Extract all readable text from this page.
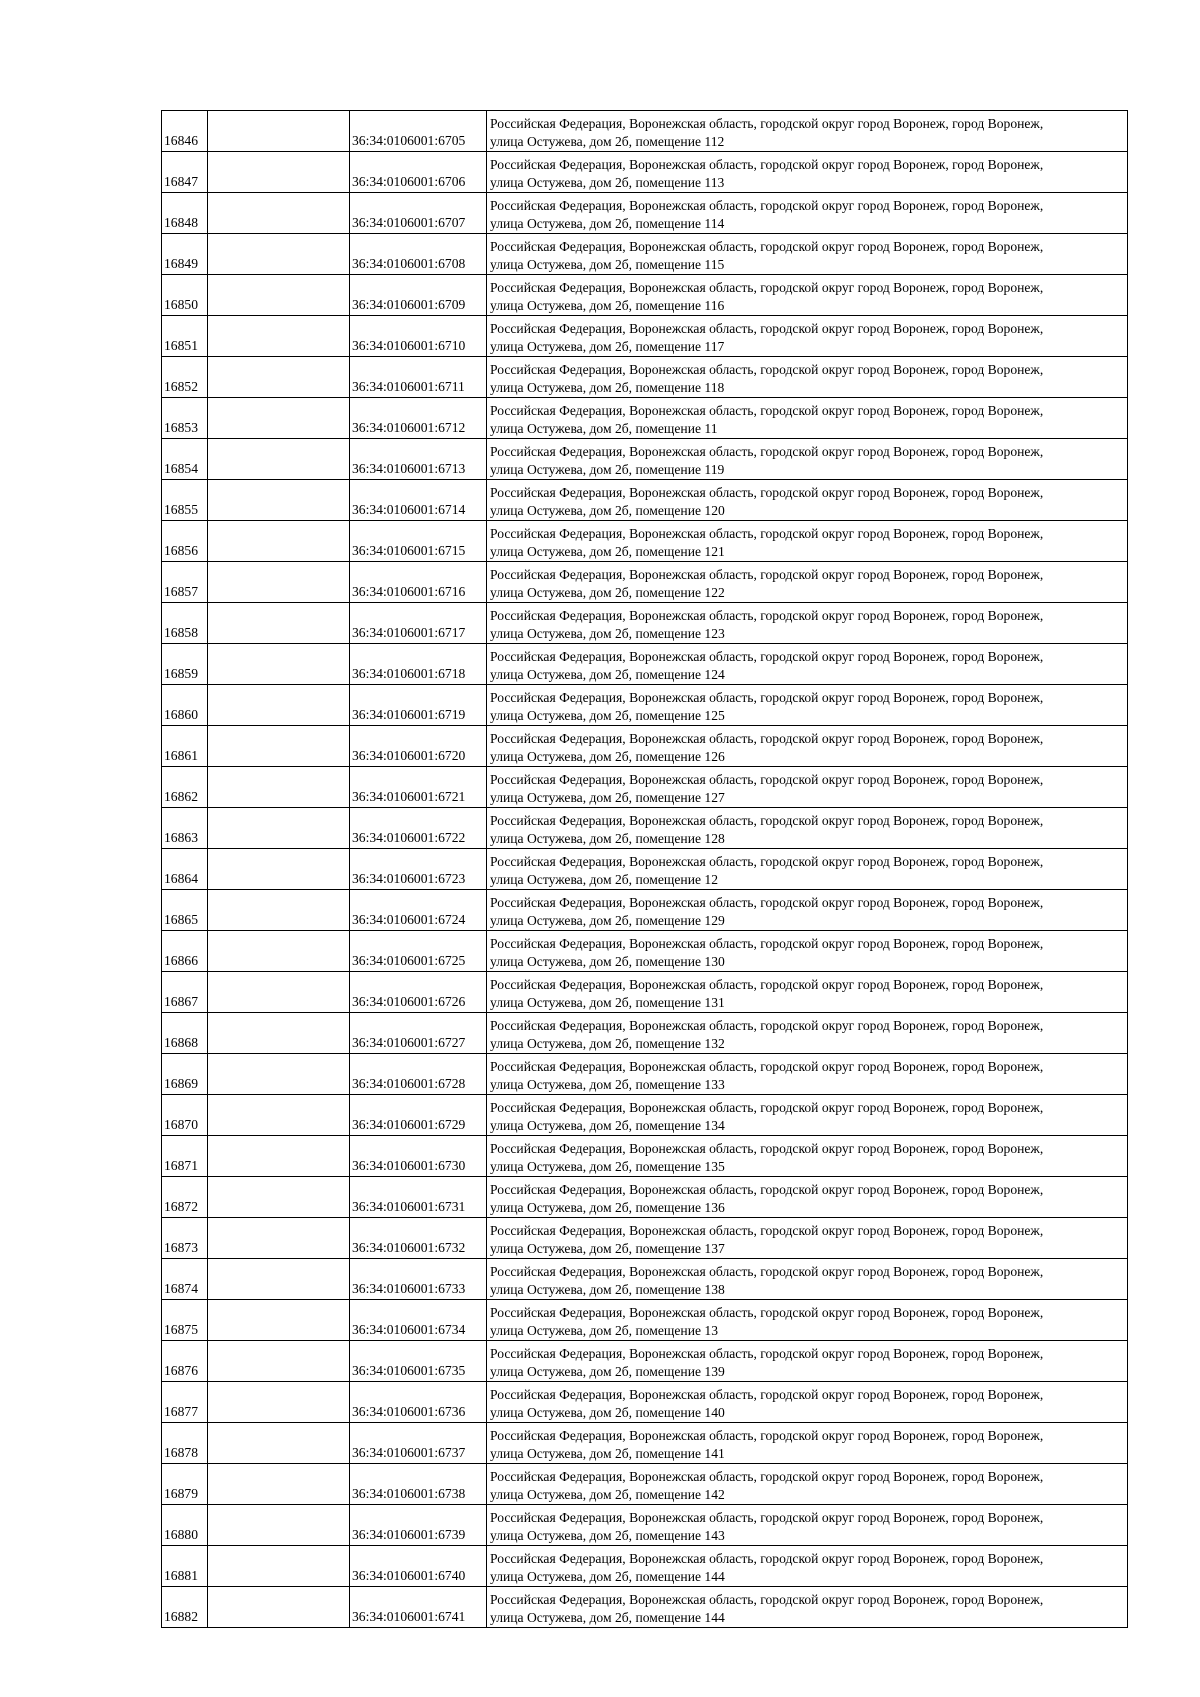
16846		36:34:0106001:6705	Российская Федерация, Воронежская область, городской округ город Воронеж, город Воронеж,
улица Остужева, дом 2б, помещение 112

16847		36:34:0106001:6706	Российская Федерация, Воронежская область, городской округ город Воронеж, город Воронеж,
улица Остужева, дом 2б, помещение 113

16848		36:34:0106001:6707	Российская Федерация, Воронежская область, городской округ город Воронеж, город Воронеж,
улица Остужева, дом 2б, помещение 114

16849		36:34:0106001:6708	Российская Федерация, Воронежская область, городской округ город Воронеж, город Воронеж,
улица Остужева, дом 2б, помещение 115

16850		36:34:0106001:6709	Российская Федерация, Воронежская область, городской округ город Воронеж, город Воронеж,
улица Остужева, дом 2б, помещение 116

16851		36:34:0106001:6710	Российская Федерация, Воронежская область, городской округ город Воронеж, город Воронеж,
улица Остужева, дом 2б, помещение 117

16852		36:34:0106001:6711	Российская Федерация, Воронежская область, городской округ город Воронеж, город Воронеж,
улица Остужева, дом 2б, помещение 118

16853		36:34:0106001:6712	Российская Федерация, Воронежская область, городской округ город Воронеж, город Воронеж,
улица Остужева, дом 2б, помещение 11

16854		36:34:0106001:6713	Российская Федерация, Воронежская область, городской округ город Воронеж, город Воронеж,
улица Остужева, дом 2б, помещение 119

16855		36:34:0106001:6714	Российская Федерация, Воронежская область, городской округ город Воронеж, город Воронеж,
улица Остужева, дом 2б, помещение 120

16856		36:34:0106001:6715	Российская Федерация, Воронежская область, городской округ город Воронеж, город Воронеж,
улица Остужева, дом 2б, помещение 121

16857		36:34:0106001:6716	Российская Федерация, Воронежская область, городской округ город Воронеж, город Воронеж,
улица Остужева, дом 2б, помещение 122

16858		36:34:0106001:6717	Российская Федерация, Воронежская область, городской округ город Воронеж, город Воронеж,
улица Остужева, дом 2б, помещение 123

16859		36:34:0106001:6718	Российская Федерация, Воронежская область, городской округ город Воронеж, город Воронеж,
улица Остужева, дом 2б, помещение 124

16860		36:34:0106001:6719	Российская Федерация, Воронежская область, городской округ город Воронеж, город Воронеж,
улица Остужева, дом 2б, помещение 125

16861		36:34:0106001:6720	Российская Федерация, Воронежская область, городской округ город Воронеж, город Воронеж,
улица Остужева, дом 2б, помещение 126

16862		36:34:0106001:6721	Российская Федерация, Воронежская область, городской округ город Воронеж, город Воронеж,
улица Остужева, дом 2б, помещение 127

16863		36:34:0106001:6722	Российская Федерация, Воронежская область, городской округ город Воронеж, город Воронеж,
улица Остужева, дом 2б, помещение 128

16864		36:34:0106001:6723	Российская Федерация, Воронежская область, городской округ город Воронеж, город Воронеж,
улица Остужева, дом 2б, помещение 12

16865		36:34:0106001:6724	Российская Федерация, Воронежская область, городской округ город Воронеж, город Воронеж,
улица Остужева, дом 2б, помещение 129

16866		36:34:0106001:6725	Российская Федерация, Воронежская область, городской округ город Воронеж, город Воронеж,
улица Остужева, дом 2б, помещение 130

16867		36:34:0106001:6726	Российская Федерация, Воронежская область, городской округ город Воронеж, город Воронеж,
улица Остужева, дом 2б, помещение 131

16868		36:34:0106001:6727	Российская Федерация, Воронежская область, городской округ город Воронеж, город Воронеж,
улица Остужева, дом 2б, помещение 132

16869		36:34:0106001:6728	Российская Федерация, Воронежская область, городской округ город Воронеж, город Воронеж,
улица Остужева, дом 2б, помещение 133

16870		36:34:0106001:6729	Российская Федерация, Воронежская область, городской округ город Воронеж, город Воронеж,
улица Остужева, дом 2б, помещение 134

16871		36:34:0106001:6730	Российская Федерация, Воронежская область, городской округ город Воронеж, город Воронеж,
улица Остужева, дом 2б, помещение 135

16872		36:34:0106001:6731	Российская Федерация, Воронежская область, городской округ город Воронеж, город Воронеж,
улица Остужева, дом 2б, помещение 136

16873		36:34:0106001:6732	Российская Федерация, Воронежская область, городской округ город Воронеж, город Воронеж,
улица Остужева, дом 2б, помещение 137

16874		36:34:0106001:6733	Российская Федерация, Воронежская область, городской округ город Воронеж, город Воронеж,
улица Остужева, дом 2б, помещение 138

16875		36:34:0106001:6734	Российская Федерация, Воронежская область, городской округ город Воронеж, город Воронеж,
улица Остужева, дом 2б, помещение 13

16876		36:34:0106001:6735	Российская Федерация, Воронежская область, городской округ город Воронеж, город Воронеж,
улица Остужева, дом 2б, помещение 139

16877		36:34:0106001:6736	Российская Федерация, Воронежская область, городской округ город Воронеж, город Воронеж,
улица Остужева, дом 2б, помещение 140

16878		36:34:0106001:6737	Российская Федерация, Воронежская область, городской округ город Воронеж, город Воронеж,
улица Остужева, дом 2б, помещение 141

16879		36:34:0106001:6738	Российская Федерация, Воронежская область, городской округ город Воронеж, город Воронеж,
улица Остужева, дом 2б, помещение 142

16880		36:34:0106001:6739	Российская Федерация, Воронежская область, городской округ город Воронеж, город Воронеж,
улица Остужева, дом 2б, помещение 143

16881		36:34:0106001:6740	Российская Федерация, Воронежская область, городской округ город Воронеж, город Воронеж,
улица Остужева, дом 2б, помещение 144

16882		36:34:0106001:6741	Российская Федерация, Воронежская область, городской округ город Воронеж, город Воронеж,
улица Остужева, дом 2б, помещение 144
